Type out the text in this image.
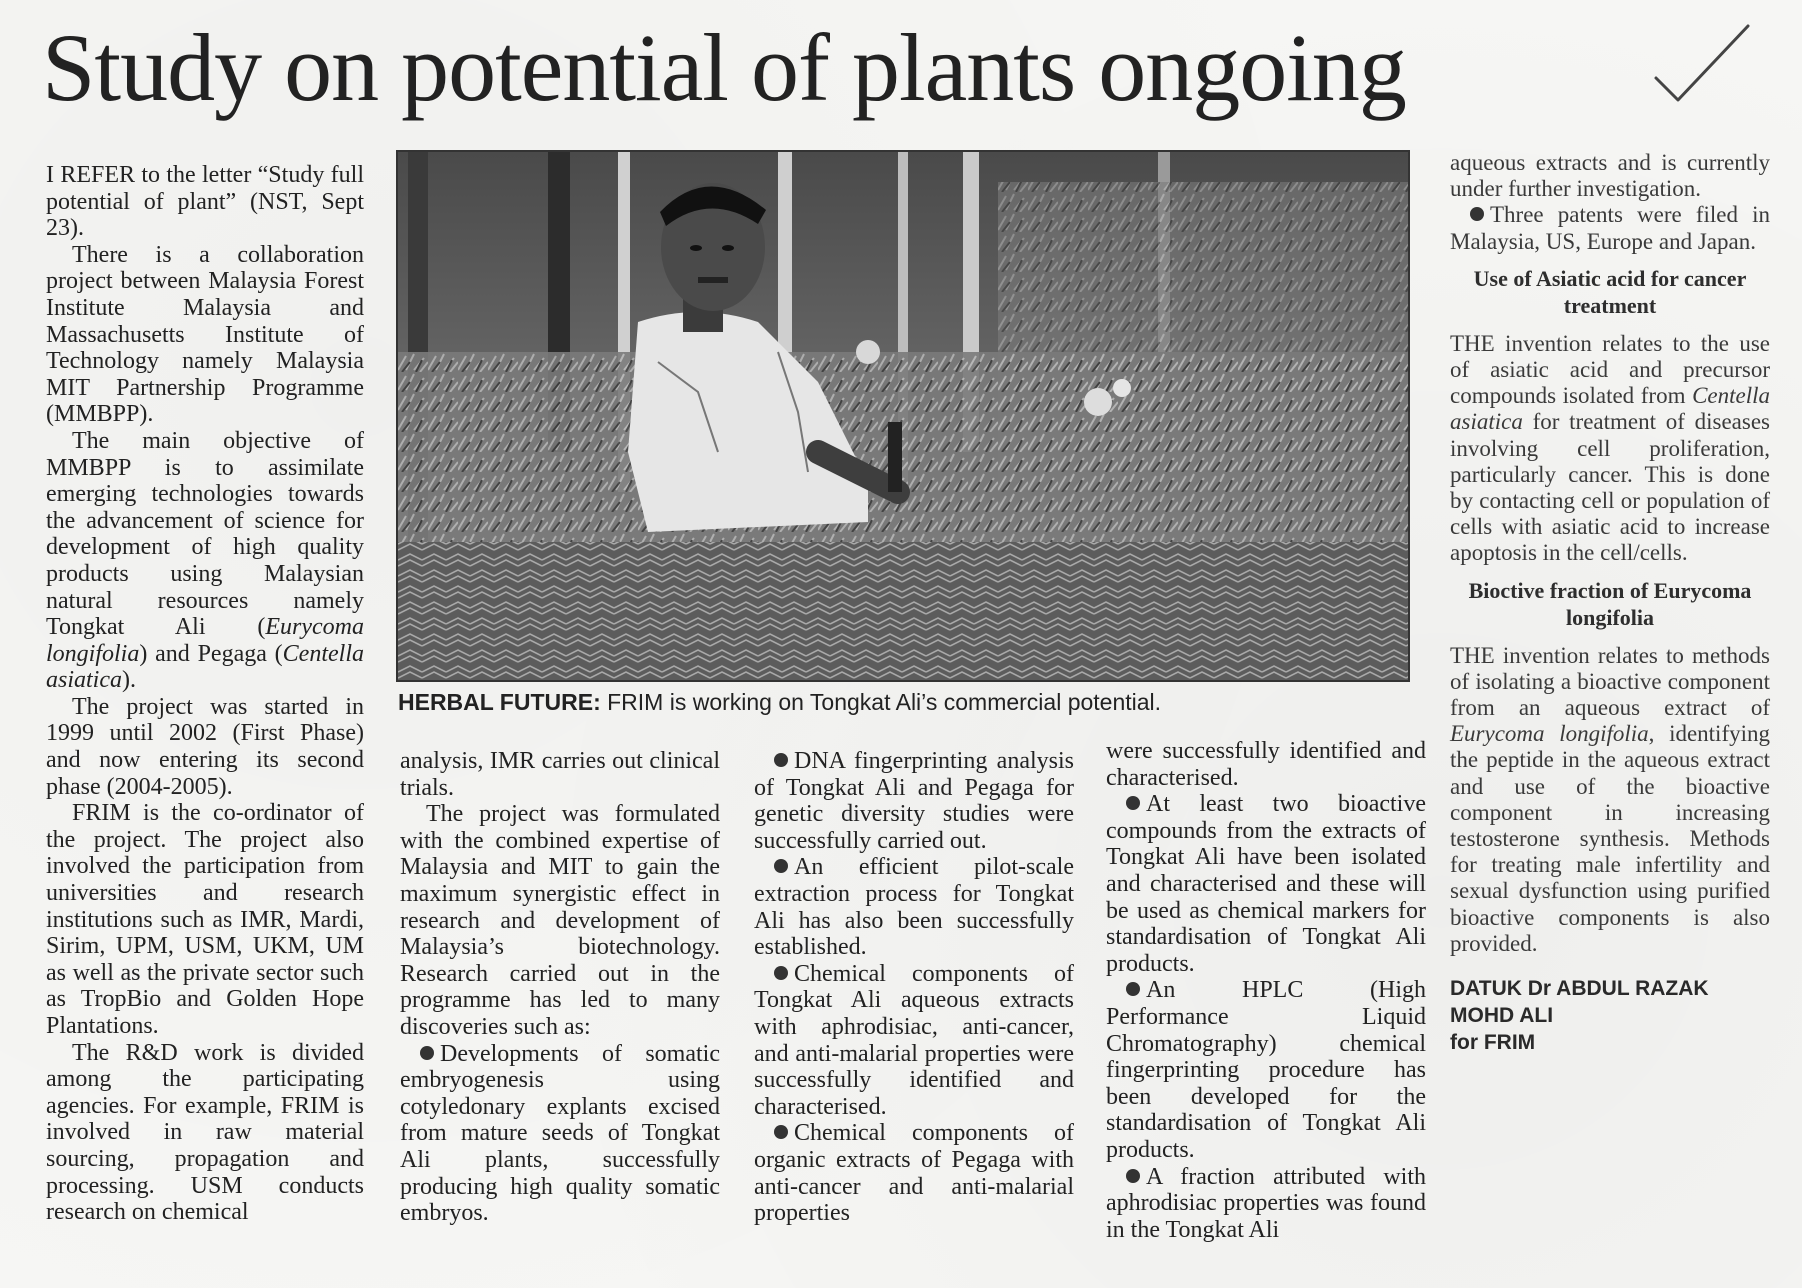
Study on potential of plants ongoing

I REFER to the letter “Study full potential of plant” (NST, Sept 23).

There is a collaboration project between Malaysia Forest Institute Malaysia and Massachusetts Institute of Technology namely Malaysia MIT Partnership Programme (MMBPP).

The main objective of MMBPP is to assimilate emerging technologies towards the advancement of science for development of high quality products using Malaysian natural resources namely Tongkat Ali (Eurycoma longifolia) and Pegaga (Centella asiatica).

The project was started in 1999 until 2002 (First Phase) and now entering its second phase (2004-2005).

FRIM is the co-ordinator of the project. The project also involved the participation from universities and research institutions such as IMR, Mardi, Sirim, UPM, USM, UKM, UM as well as the private sector such as TropBio and Golden Hope Plantations.

The R&D work is divided among the participating agencies. For example, FRIM is involved in raw material sourcing, propagation and processing. USM conducts research on chemical

HERBAL FUTURE: FRIM is working on Tongkat Ali’s commercial potential.

analysis, IMR carries out clinical trials.

The project was formulated with the combined expertise of Malaysia and MIT to gain the maximum synergistic effect in research and development of Malaysia’s biotechnology. Research carried out in the programme has led to many discoveries such as:

Developments of somatic embryogenesis using cotyledonary explants excised from mature seeds of Tongkat Ali plants, successfully producing high quality somatic embryos.

DNA fingerprinting analysis of Tongkat Ali and Pegaga for genetic diversity studies were successfully carried out.

An efficient pilot-scale extraction process for Tongkat Ali has also been successfully established.

Chemical components of Tongkat Ali aqueous extracts with aphrodisiac, anti-cancer, and anti-malarial properties were successfully identified and characterised.

Chemical components of organic extracts of Pegaga with anti-cancer and anti-malarial properties

were successfully identified and characterised.

At least two bioactive compounds from the extracts of Tongkat Ali have been isolated and characterised and these will be used as chemical markers for standardisation of Tongkat Ali products.

An HPLC (High Performance Liquid Chromatography) chemical fingerprinting procedure has been developed for the standardisation of Tongkat Ali products.

A fraction attributed with aphrodisiac properties was found in the Tongkat Ali

aqueous extracts and is currently under further investigation.

Three patents were filed in Malaysia, US, Europe and Japan.

Use of Asiatic acid for cancer treatment

THE invention relates to the use of asiatic acid and precursor compounds isolated from Centella asiatica for treatment of diseases involving cell proliferation, particularly cancer. This is done by contacting cell or population of cells with asiatic acid to increase apoptosis in the cell/cells.

Bioctive fraction of Eurycoma longifolia

THE invention relates to methods of isolating a bioactive component from an aqueous extract of Eurycoma longifolia, identifying the peptide in the aqueous extract and use of the bioactive component in increasing testosterone synthesis. Methods for treating male infertility and sexual dysfunction using purified bioactive components is also provided.

DATUK Dr ABDUL RAZAK
MOHD ALI
for FRIM
